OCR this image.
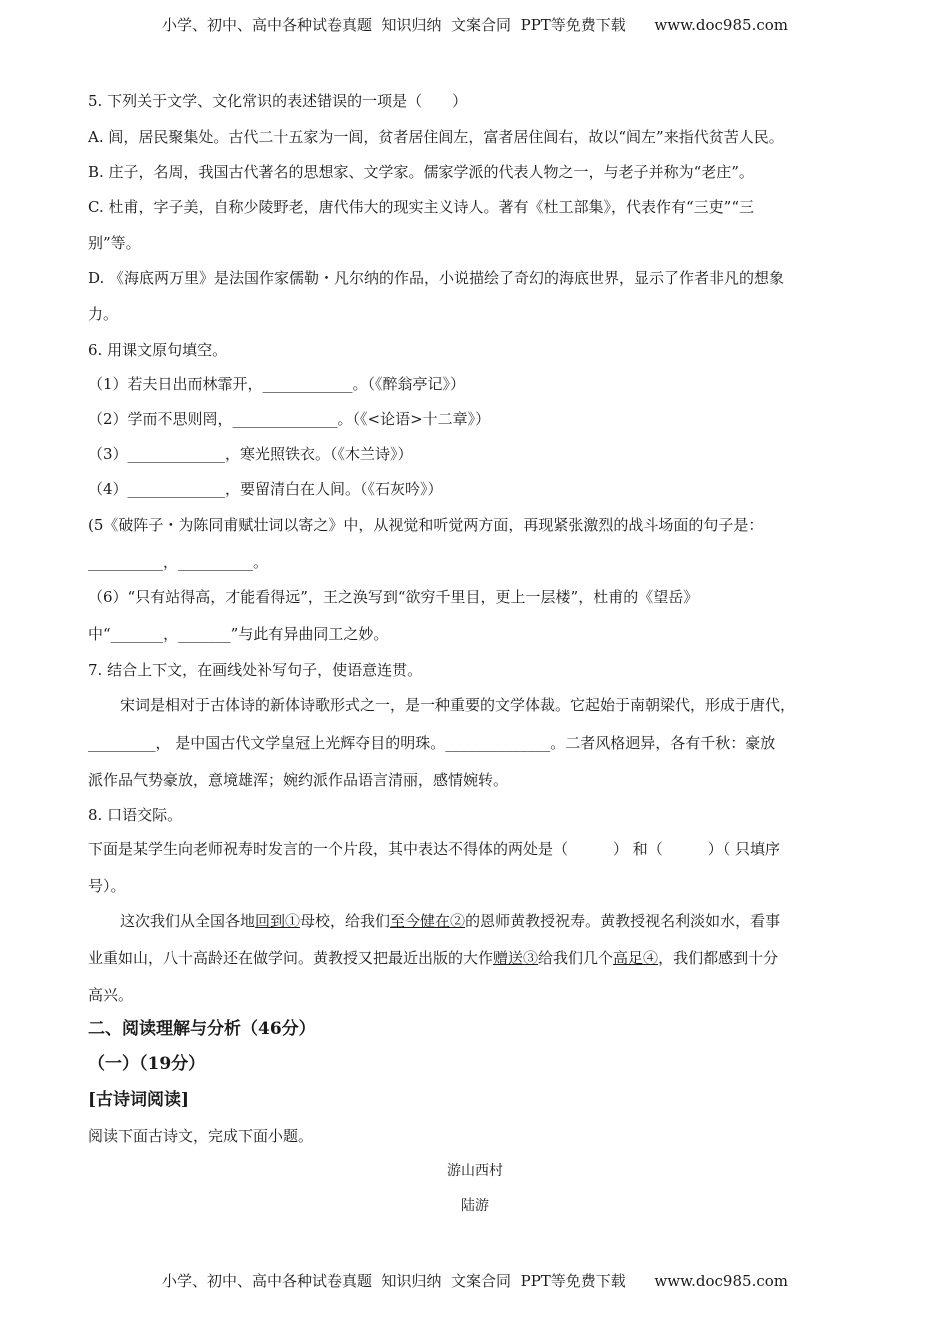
小学、初中、高中各种试卷真题  知识归纳  文案合同  PPT等免费下载      www.doc985.com
5. 下列关于文学、文化常识的表述错误的一项是（　　）
A. 闾，居民聚集处。古代二十五家为一闾，贫者居住闾左，富者居住闾右，故以“闾左”来指代贫苦人民。
B. 庄子，名周，我国古代著名的思想家、文学家。儒家学派的代表人物之一，与老子并称为“老庄”。
C. 杜甫，字子美，自称少陵野老，唐代伟大的现实主义诗人。著有《杜工部集》，代表作有“三吏”“三
别”等。
D. 《海底两万里》是法国作家儒勒・凡尔纳的作品，小说描绘了奇幻的海底世界，显示了作者非凡的想象
力。
6. 用课文原句填空。
（1）若夫日出而林霏开，____________。（《醉翁亭记》）
（2）学而不思则罔，______________。（《<论语>十二章》）
（3）_____________，寒光照铁衣。（《木兰诗》）
（4）_____________，要留清白在人间。（《石灰吟》）
(5《破阵子・为陈同甫赋壮词以寄之》中，从视觉和听觉两方面，再现紧张激烈的战斗场面的句子是：
__________，__________。
（6）“只有站得高，才能看得远”，王之涣写到“欲穷千里目，更上一层楼”，杜甫的《望岳》
中“_______，_______”与此有异曲同工之妙。
7. 结合上下文，在画线处补写句子，使语意连贯。
宋词是相对于古体诗的新体诗歌形式之一，是一种重要的文学体裁。它起始于南朝梁代，形成于唐代，
_________， 是中国古代文学皇冠上光辉夺目的明珠。______________。二者风格迥异，各有千秋：豪放
派作品气势豪放，意境雄浑；婉约派作品语言清丽，感情婉转。
8. 口语交际。
下面是某学生向老师祝寿时发言的一个片段，其中表达不得体的两处是（　　　） 和（　　　）（ 只填序
号）。
这次我们从全国各地回到①母校，给我们至今健在②的恩师黄教授祝寿。黄教授视名利淡如水，看事
业重如山，八十高龄还在做学问。黄教授又把最近出版的大作赠送③给我们几个高足④，我们都感到十分
高兴。
二、阅读理解与分析（46分）
（一）（19分）
[古诗词阅读]
阅读下面古诗文，完成下面小题。
游山西村
陆游
小学、初中、高中各种试卷真题  知识归纳  文案合同  PPT等免费下载      www.doc985.com
